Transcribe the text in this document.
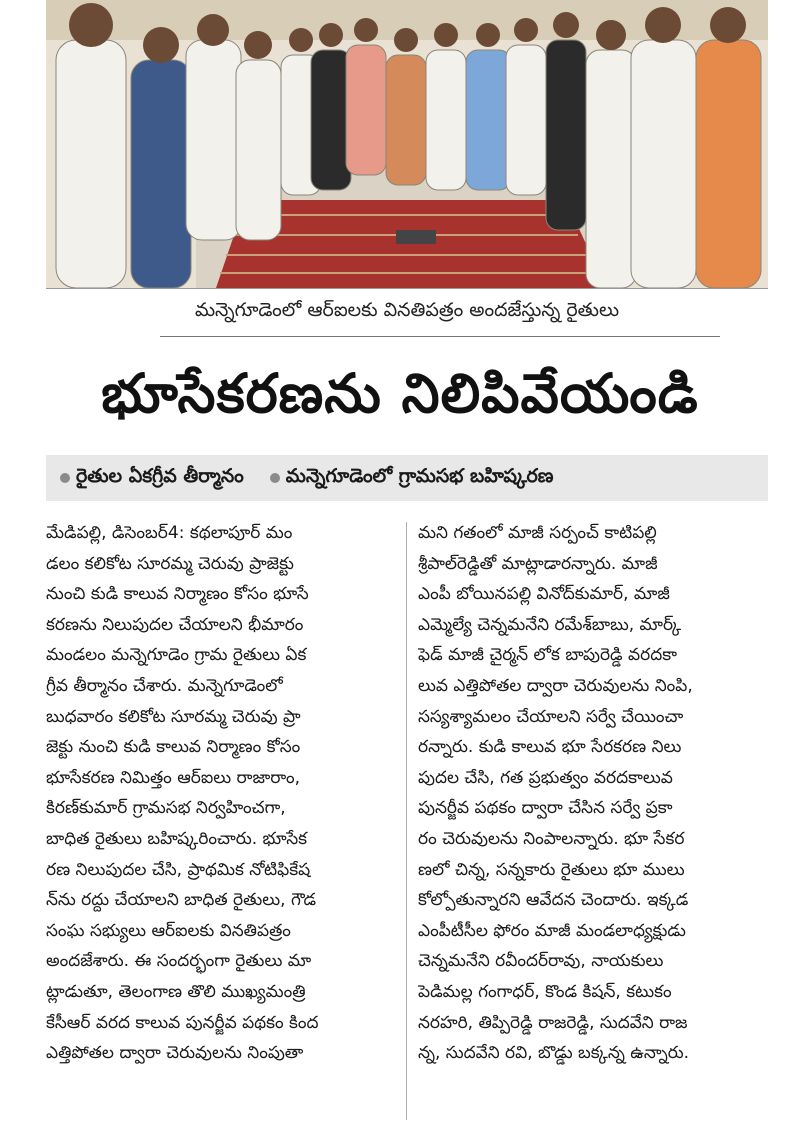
మన్నెగూడెంలో ఆర్ఐలకు వినతిపత్రం అందజేస్తున్న రైతులు
భూసేకరణను నిలిపివేయండి
రైతుల ఏకగ్రీవ తీర్మానం మన్నెగూడెంలో గ్రామసభ బహిష్కరణ
మేడిపల్లి, డిసెంబర్4: కథలాపూర్ మం
డలం కలికోట సూరమ్మ చెరువు ప్రాజెక్టు
నుంచి కుడి కాలువ నిర్మాణం కోసం భూసే
కరణను నిలుపుదల చేయాలని భీమారం
మండలం మన్నెగూడెం గ్రామ రైతులు ఏక
గ్రీవ తీర్మానం చేశారు. మన్నెగూడెంలో
బుధవారం కలికోట సూరమ్మ చెరువు ప్రా
జెక్టు నుంచి కుడి కాలువ నిర్మాణం కోసం
భూసేకరణ నిమిత్తం ఆర్ఐలు రాజారాం,
కిరణ్‌కుమార్ గ్రామసభ నిర్వహించగా,
బాధిత రైతులు బహిష్కరించారు. భూసేక
రణ నిలుపుదల చేసి, ప్రాథమిక నోటిఫికేష
న్‌ను రద్దు చేయాలని బాధిత రైతులు, గౌడ
సంఘ సభ్యులు ఆర్ఐలకు వినతిపత్రం
అందజేశారు. ఈ సందర్భంగా రైతులు మా
ట్లాడుతూ, తెలంగాణ తొలి ముఖ్యమంత్రి
కేసీఆర్ వరద కాలువ పునర్జీవ పథకం కింద
ఎత్తిపోతల ద్వారా చెరువులను నింపుతా
మని గతంలో మాజీ సర్పంచ్ కాటిపల్లి
శ్రీపాల్‌రెడ్డితో మాట్లాడారన్నారు. మాజీ
ఎంపీ బోయినపల్లి వినోద్‌కుమార్, మాజీ
ఎమ్మెల్యే చెన్నమనేని రమేశ్‌బాబు, మార్క్
ఫెడ్ మాజీ చైర్మన్ లోక బాపురెడ్డి వరదకా
లువ ఎత్తిపోతల ద్వారా చెరువులను నింపి,
సస్యశ్యామలం చేయాలని సర్వే చేయించా
రన్నారు. కుడి కాలువ భూ సేరకరణ నిలు
పుదల చేసి, గత ప్రభుత్వం వరదకాలువ
పునర్జీవ పథకం ద్వారా చేసిన సర్వే ప్రకా
రం చెరువులను నింపాలన్నారు. భూ సేకర
ణలో చిన్న, సన్నకారు రైతులు భూ ములు
కోల్పోతున్నారని ఆవేదన చెందారు. ఇక్కడ
ఎంపీటీసీల ఫోరం మాజీ మండలాధ్యక్షుడు
చెన్నమనేని రవీందర్‌రావు, నాయకులు
పెడిమల్ల గంగాధర్, కొండ కిషన్, కటుకం
నరహరి, తిప్పిరెడ్డి రాజరెడ్డి, సుదవేని రాజ
న్న, సుదవేని రవి, బొడ్డు బక్కన్న ఉన్నారు.
